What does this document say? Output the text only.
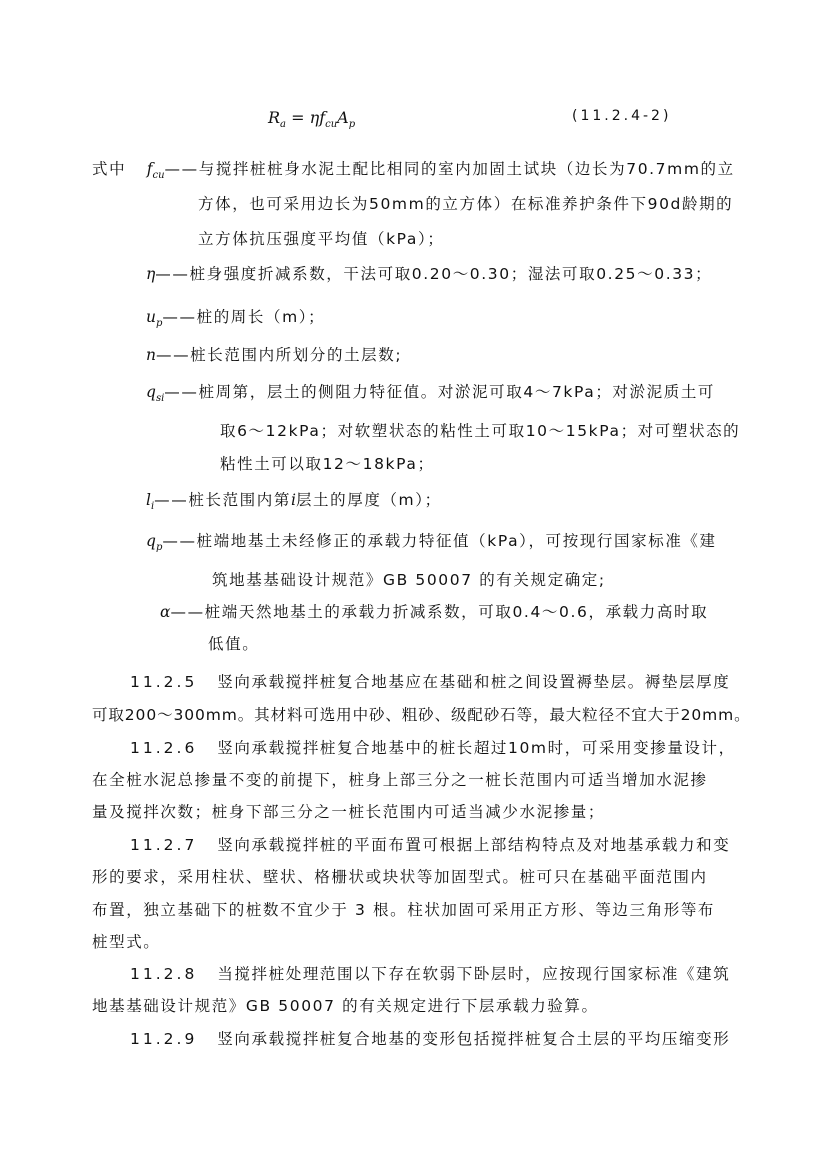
$R_a = \eta f_{cu}A_p$
(11.2.4-2)
式中 $f_{cu}——$与搅拌桩桩身水泥土配比相同的室内加固土试块（边长为70.7mm的立
方体，也可采用边长为50mm的立方体）在标准养护条件下90d龄期的
立方体抗压强度平均值（kPa）；
η——桩身强度折减系数，干法可取0.20～0.30；湿法可取0.25～0.33；
$u_p——$桩的周长（m）；
n——桩长范围内所划分的土层数;
$q_{si}——$桩周第，层土的侧阻力特征值。对淤泥可取4～7kPa；对淤泥质土可
取6～12kPa；对软塑状态的粘性土可取10～15kPa；对可塑状态的
粘性土可以取12～18kPa；
$l_i——$桩长范围内第i层土的厚度（m）；
$q_p——$桩端地基土未经修正的承载力特征值（kPa），可按现行国家标准《建
筑地基基础设计规范》GB 50007 的有关规定确定;
α——桩端天然地基土的承载力折减系数，可取0.4～0.6，承载力高时取
低值。
11.2.5 竖向承载搅拌桩复合地基应在基础和桩之间设置褥垫层。褥垫层厚度
可取200～300mm。其材料可选用中砂、粗砂、级配砂石等，最大粒径不宜大于20mm。
11.2.6 竖向承载搅拌桩复合地基中的桩长超过10m时，可采用变掺量设计，
在全桩水泥总掺量不变的前提下，桩身上部三分之一桩长范围内可适当增加水泥掺
量及搅拌次数；桩身下部三分之一桩长范围内可适当减少水泥掺量；
11.2.7 竖向承载搅拌桩的平面布置可根据上部结构特点及对地基承载力和变
形的要求，采用柱状、壁状、格栅状或块状等加固型式。桩可只在基础平面范围内
布置，独立基础下的桩数不宜少于 3 根。柱状加固可采用正方形、等边三角形等布
桩型式。
11.2.8 当搅拌桩处理范围以下存在软弱下卧层时，应按现行国家标准《建筑
地基基础设计规范》GB 50007 的有关规定进行下层承载力验算。
11.2.9 竖向承载搅拌桩复合地基的变形包括搅拌桩复合土层的平均压缩变形
